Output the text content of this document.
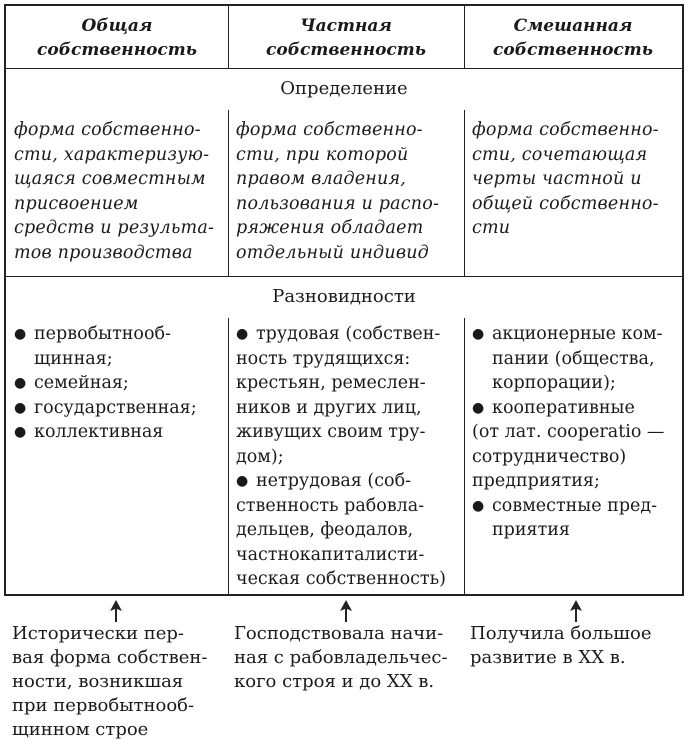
Общая
собственность
Частная
собственность
Смешанная
собственность
Определение
Разновидности
форма собственно-
сти, характеризую-
щаяся совместным
присвоением
средств и результа-
тов производства
форма собственно-
сти, при которой
правом владения,
пользования и распо-
ряжения обладает
отдельный индивид
форма собственно-
сти, сочетающая
черты частной и
общей собственно-
сти
● первобытнооб-
щинная;
● семейная;
● государственная;
● коллективная
● трудовая (собствен-
ность трудящихся:
крестьян, ремеслен-
ников и других лиц,
живущих своим тру-
дом);
● нетрудовая (соб-
ственность рабовла-
дельцев, феодалов,
частнокапиталисти-
ческая собственность)
● акционерные ком-
пании (общества,
корпорации);
● кооперативные
(от лат. cooperatio —
сотрудничество)
предприятия;
● совместные пред-
приятия
Исторически пер-
вая форма собствен-
ности, возникшая
при первобытнооб-
щинном строе
Господствовала начи-
ная с рабовладельчес-
кого строя и до XX в.
Получила большое
развитие в XX в.
